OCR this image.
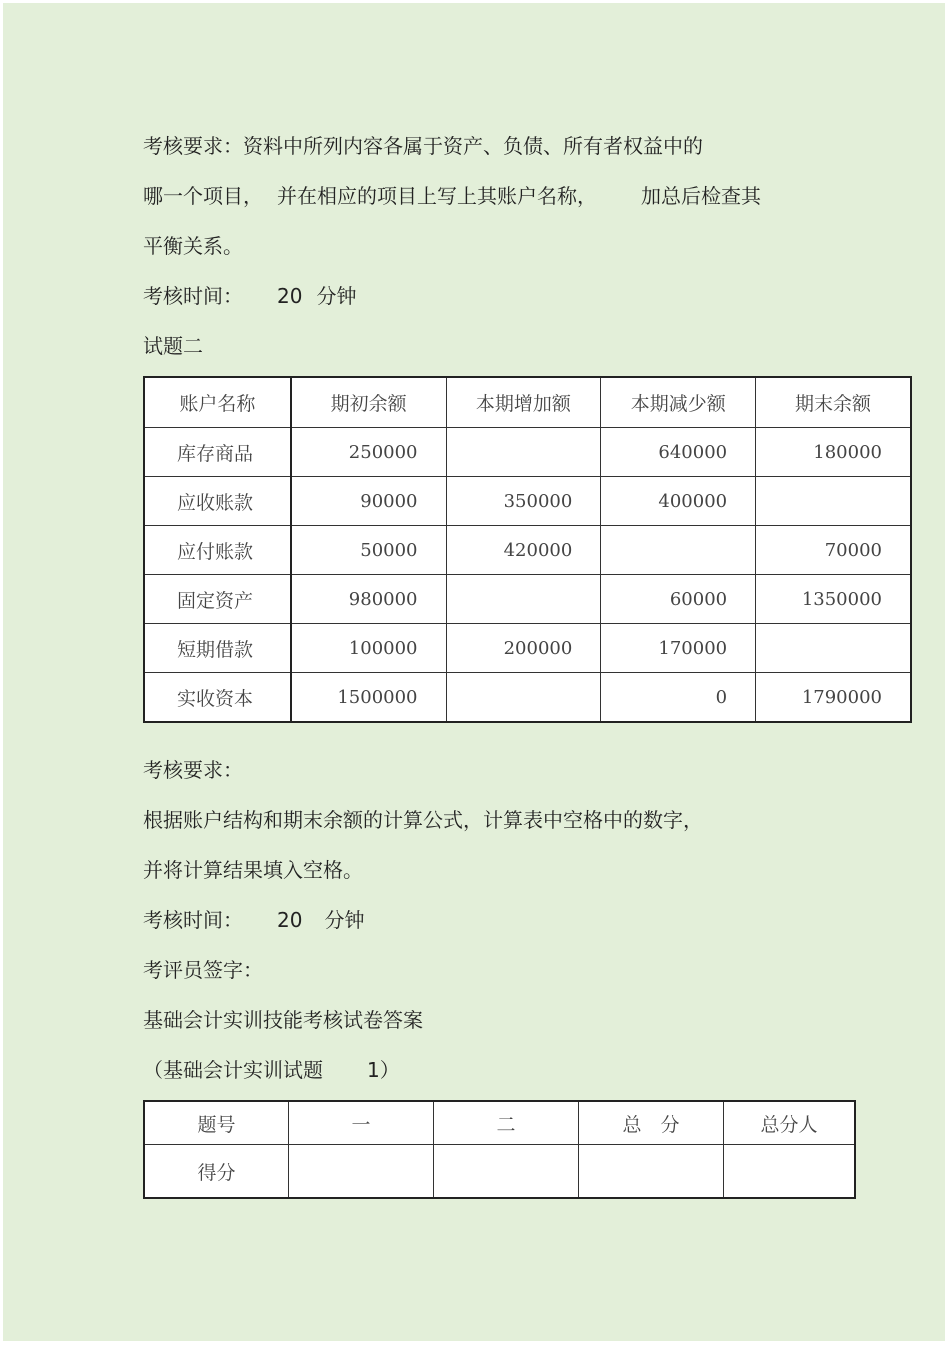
考核要求：资料中所列内容各属于资产、负债、所有者权益中的
哪一个项目， 并在相应的项目上写上其账户名称， 加总后检查其
平衡关系。
考核时间： 20 分钟
试题二
账户名称	期初余额	本期增加额	本期减少额	期末余额
库存商品	250000		640000	180000
应收账款	90000	350000	400000	
应付账款	50000	420000		70000
固定资产	980000		60000	1350000
短期借款	100000	200000	170000	
实收资本	1500000		0	1790000
考核要求：
根据账户结构和期末余额的计算公式，计算表中空格中的数字，
并将计算结果填入空格。
考核时间： 20 分钟
考评员签字：
基础会计实训技能考核试卷答案
（基础会计实训试题 1）
题号	一	二	总　分	总分人
得分				
